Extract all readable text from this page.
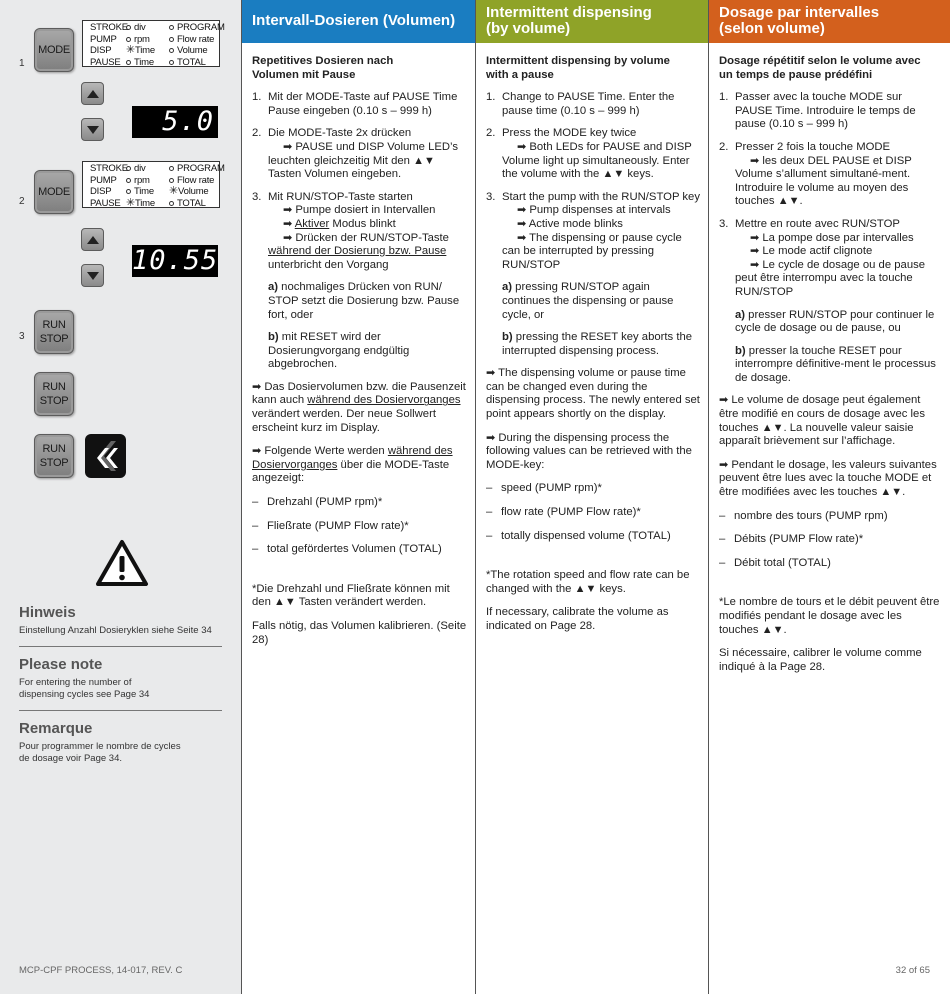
1
MODE
STROKE
PUMP
DISP
PAUSE
div
rpm
✳Time
Time
PROGRAM
Flow rate
Volume
TOTAL
5.0
2
MODE
STROKE
PUMP
DISP
PAUSE
div
rpm
Time
✳Time
PROGRAM
Flow rate
✳Volume
TOTAL
10.55
3
RUN
STOP
RUN
STOP
RUN
STOP
Hinweis
Einstellung Anzahl Dosieryklen siehe Seite 34
Please note
For entering the number of
dispensing cycles see Page 34
Remarque
Pour programmer le nombre de cycles
de dosage voir Page 34.
MCP-CPF PROCESS, 14-017, REV. C
Intervall-Dosieren (Volumen)
Repetitives Dosieren nach
Volumen mit Pause
1. Mit der MODE-Taste auf PAUSE Time Pause eingeben (0.10 s – 999 h)
2. Die MODE-Taste 2x drücken
➡ PAUSE und DISP Volume LED’s leuchten gleichzeitig Mit den ▲▼ Tasten Volumen eingeben.
3. Mit RUN/STOP-Taste starten
➡ Pumpe dosiert in Intervallen
➡ Aktiver Modus blinkt
➡ Drücken der RUN/STOP-Taste
während der Dosierung bzw. Pause
unterbricht den Vorgang

a) nochmaliges Drücken von RUN/ STOP setzt die Dosierung bzw. Pause fort, oder

b) mit RESET wird der Dosierungvorgang endgültig abgebrochen.

➡ Das Dosiervolumen bzw. die Pausenzeit kann auch während des Dosiervorganges verändert werden. Der neue Sollwert erscheint kurz im Display.

➡ Folgende Werte werden während des Dosiervorganges über die MODE-Taste angezeigt:

– Drehzahl (PUMP rpm)*
– Fließrate (PUMP Flow rate)*
– total gefördertes Volumen (TOTAL)

*Die Drehzahl und Fließrate können mit den ▲▼ Tasten verändert werden.

Falls nötig, das Volumen kalibrieren. (Seite 28)

Intermittent dispensing
(by volume)
Intermittent dispensing by volume
with a pause
1. Change to PAUSE Time. Enter the pause time (0.10 s – 999 h)
2. Press the MODE key twice
➡ Both LEDs for PAUSE and DISP Volume light up simultaneously. Enter the volume with the ▲▼ keys.
3. Start the pump with the RUN/STOP key
➡ Pump dispenses at intervals
➡ Active mode blinks
➡ The dispensing or pause cycle can be interrupted by pressing RUN/STOP

a) pressing RUN/STOP again continues the dispensing or pause cycle, or

b) pressing the RESET key aborts the interrupted dispensing process.

➡ The dispensing volume or pause time can be changed even during the dispensing process. The newly entered set point appears shortly on the display.

➡ During the dispensing process the following values can be retrieved with the MODE-key:

– speed (PUMP rpm)*
– flow rate (PUMP Flow rate)*
– totally dispensed volume (TOTAL)

*The rotation speed and flow rate can be changed with the ▲▼ keys.

If necessary, calibrate the volume as indicated on Page 28.

Dosage par intervalles
(selon volume)
Dosage répétitif selon le volume avec
un temps de pause prédéfini
1. Passer avec la touche MODE sur PAUSE Time. Introduire le temps de pause (0.10 s – 999 h)
2. Presser 2 fois la touche MODE
➡ les deux DEL PAUSE et DISP Volume s’allument simultané-ment. Introduire le volume au moyen des touches ▲▼.
3. Mettre en route avec RUN/STOP
➡ La pompe dose par intervalles
➡ Le mode actif clignote
➡ Le cycle de dosage ou de pause peut être interrompu avec la touche RUN/STOP

a) presser RUN/STOP pour continuer le cycle de dosage ou de pause, ou

b) presser la touche RESET pour interrompre définitive-ment le processus de dosage.

➡ Le volume de dosage peut également être modifié en cours de dosage avec les touches ▲▼. La nouvelle valeur saisie apparaît brièvement sur l’affichage.

➡ Pendant le dosage, les valeurs suivantes peuvent être lues avec la touche MODE et être modifiées avec les touches ▲▼.

– nombre des tours (PUMP rpm)
– Débits (PUMP Flow rate)*
– Débit total (TOTAL)

*Le nombre de tours et le débit peuvent être modifiés pendant le dosage avec les touches ▲▼.

Si nécessaire, calibrer le volume comme indiqué à la Page 28.

32 of 65
